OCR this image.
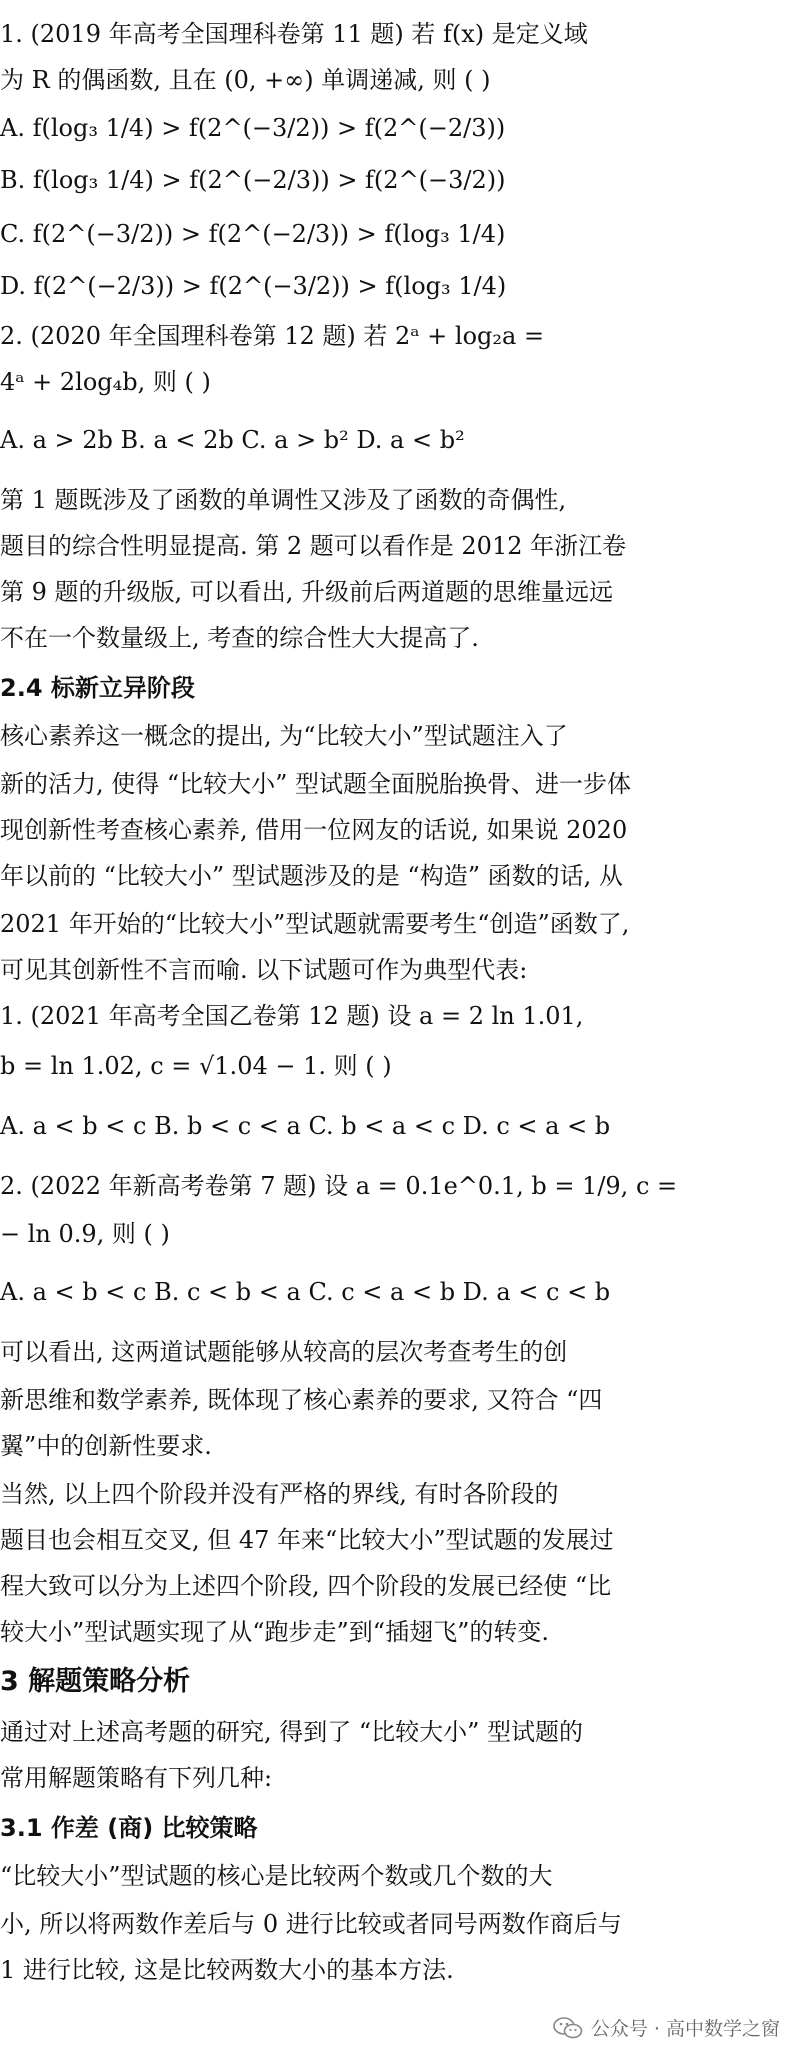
1. (2019 年高考全国理科卷第 11 题) 若 f(x) 是定义域
为 R 的偶函数, 且在 (0, +∞) 单调递减, 则 ( )
A. f(log₃ 1/4) > f(2^(−3/2)) > f(2^(−2/3))
B. f(log₃ 1/4) > f(2^(−2/3)) > f(2^(−3/2))
C. f(2^(−3/2)) > f(2^(−2/3)) > f(log₃ 1/4)
D. f(2^(−2/3)) > f(2^(−3/2)) > f(log₃ 1/4)
2. (2020 年全国理科卷第 12 题) 若 2ᵃ + log₂a =
4ᵃ + 2log₄b, 则 ( )
A. a > 2b B. a < 2b C. a > b² D. a < b²
第 1 题既涉及了函数的单调性又涉及了函数的奇偶性,
题目的综合性明显提高. 第 2 题可以看作是 2012 年浙江卷
第 9 题的升级版, 可以看出, 升级前后两道题的思维量远远
不在一个数量级上, 考查的综合性大大提高了.
2.4 标新立异阶段
核心素养这一概念的提出, 为“比较大小”型试题注入了
新的活力, 使得 “比较大小” 型试题全面脱胎换骨、进一步体
现创新性考查核心素养, 借用一位网友的话说, 如果说 2020
年以前的 “比较大小” 型试题涉及的是 “构造” 函数的话, 从
2021 年开始的“比较大小”型试题就需要考生“创造”函数了,
可见其创新性不言而喻. 以下试题可作为典型代表:
1. (2021 年高考全国乙卷第 12 题) 设 a = 2 ln 1.01,
b = ln 1.02, c = √1.04 − 1. 则 ( )
A. a < b < c B. b < c < a C. b < a < c D. c < a < b
2. (2022 年新高考卷第 7 题) 设 a = 0.1e^0.1, b = 1/9, c =
− ln 0.9, 则 ( )
A. a < b < c B. c < b < a C. c < a < b D. a < c < b
可以看出, 这两道试题能够从较高的层次考查考生的创
新思维和数学素养, 既体现了核心素养的要求, 又符合 “四
翼”中的创新性要求.
当然, 以上四个阶段并没有严格的界线, 有时各阶段的
题目也会相互交叉, 但 47 年来“比较大小”型试题的发展过
程大致可以分为上述四个阶段, 四个阶段的发展已经使 “比
较大小”型试题实现了从“跑步走”到“插翅飞”的转变.
3 解题策略分析
通过对上述高考题的研究, 得到了 “比较大小” 型试题的
常用解题策略有下列几种:
3.1 作差 (商) 比较策略
“比较大小”型试题的核心是比较两个数或几个数的大
小, 所以将两数作差后与 0 进行比较或者同号两数作商后与
1 进行比较, 这是比较两数大小的基本方法.
公众号 · 高中数学之窗
